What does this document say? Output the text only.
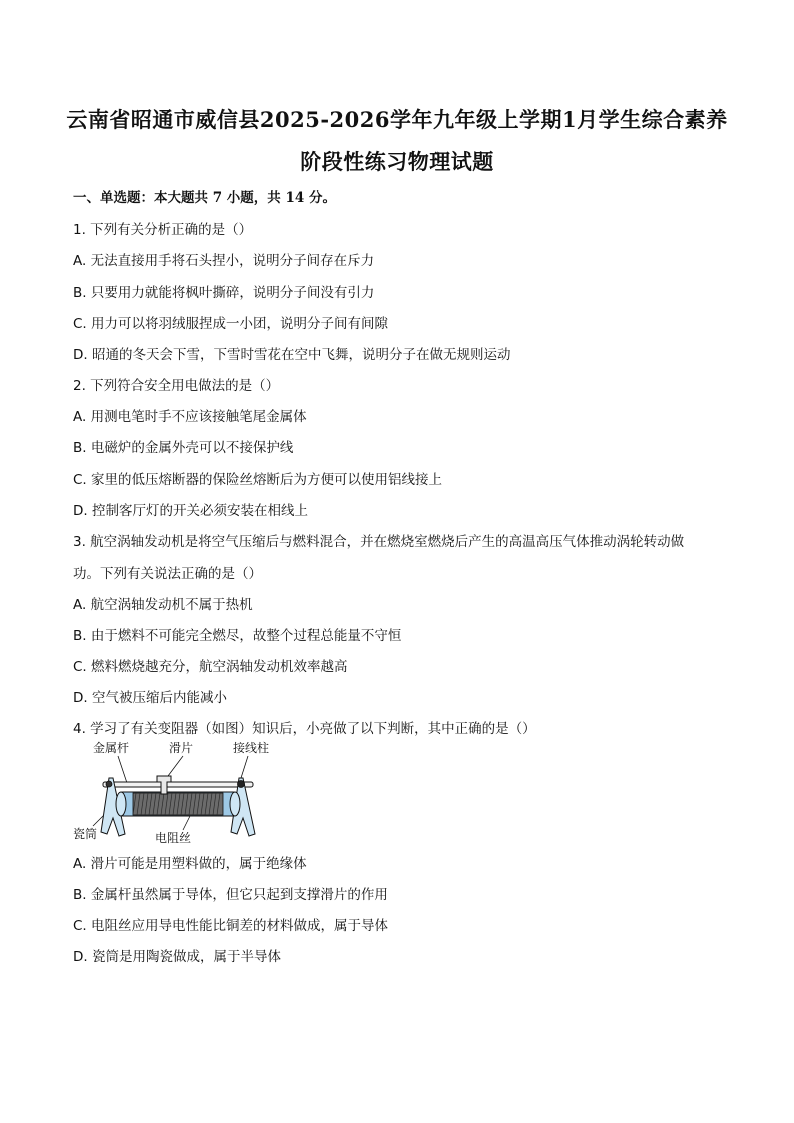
云南省昭通市威信县2025-2026学年九年级上学期1月学生综合素养
阶段性练习物理试题
一、单选题：本大题共 7 小题，共 14 分。
1. 下列有关分析正确的是（）
A. 无法直接用手将石头捏小，说明分子间存在斥力
B. 只要用力就能将枫叶撕碎，说明分子间没有引力
C. 用力可以将羽绒服捏成一小团，说明分子间有间隙
D. 昭通的冬天会下雪，下雪时雪花在空中飞舞，说明分子在做无规则运动
2. 下列符合安全用电做法的是（）
A. 用测电笔时手不应该接触笔尾金属体
B. 电磁炉的金属外壳可以不接保护线
C. 家里的低压熔断器的保险丝熔断后为方便可以使用铝线接上
D. 控制客厅灯的开关必须安装在相线上
3. 航空涡轴发动机是将空气压缩后与燃料混合，并在燃烧室燃烧后产生的高温高压气体推动涡轮转动做
功。下列有关说法正确的是（）
A. 航空涡轴发动机不属于热机
B. 由于燃料不可能完全燃尽，故整个过程总能量不守恒
C. 燃料燃烧越充分，航空涡轴发动机效率越高
D. 空气被压缩后内能减小
4. 学习了有关变阻器（如图）知识后，小亮做了以下判断，其中正确的是（）
金属杆	滑片	接线柱
瓷筒	电阻丝
A. 滑片可能是用塑料做的，属于绝缘体
B. 金属杆虽然属于导体，但它只起到支撑滑片的作用
C. 电阻丝应用导电性能比铜差的材料做成，属于导体
D. 瓷筒是用陶瓷做成，属于半导体
